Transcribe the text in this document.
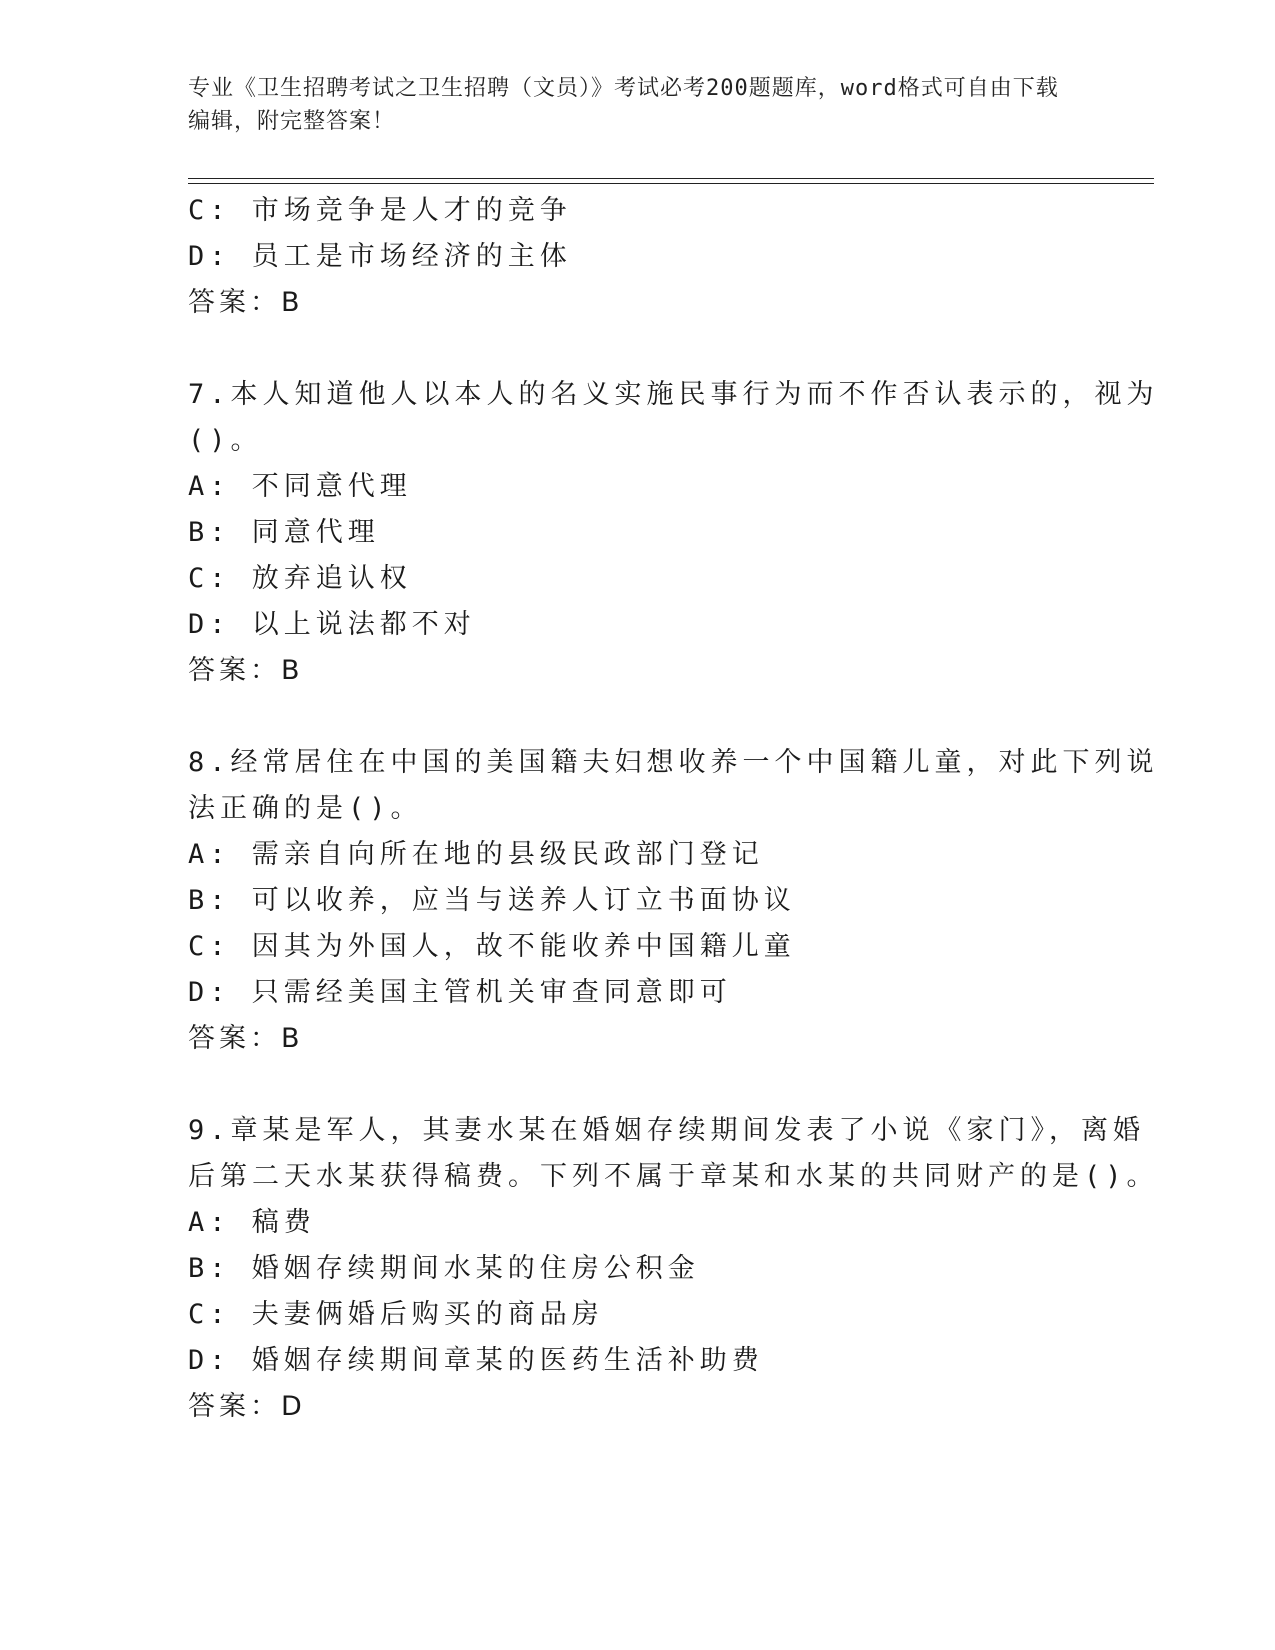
专业《卫生招聘考试之卫生招聘（文员）》考试必考200题题库，word格式可自由下载编辑，附完整答案！
C: 市场竞争是人才的竞争
D: 员工是市场经济的主体
答案：B
7.本人知道他人以本人的名义实施民事行为而不作否认表示的，视为
()。
A: 不同意代理
B: 同意代理
C: 放弃追认权
D: 以上说法都不对
答案：B
8.经常居住在中国的美国籍夫妇想收养一个中国籍儿童，对此下列说
法正确的是()。
A: 需亲自向所在地的县级民政部门登记
B: 可以收养，应当与送养人订立书面协议
C: 因其为外国人，故不能收养中国籍儿童
D: 只需经美国主管机关审查同意即可
答案：B
9.章某是军人，其妻水某在婚姻存续期间发表了小说《家门》，离婚
后第二天水某获得稿费。下列不属于章某和水某的共同财产的是()。
A: 稿费
B: 婚姻存续期间水某的住房公积金
C: 夫妻俩婚后购买的商品房
D: 婚姻存续期间章某的医药生活补助费
答案：D
